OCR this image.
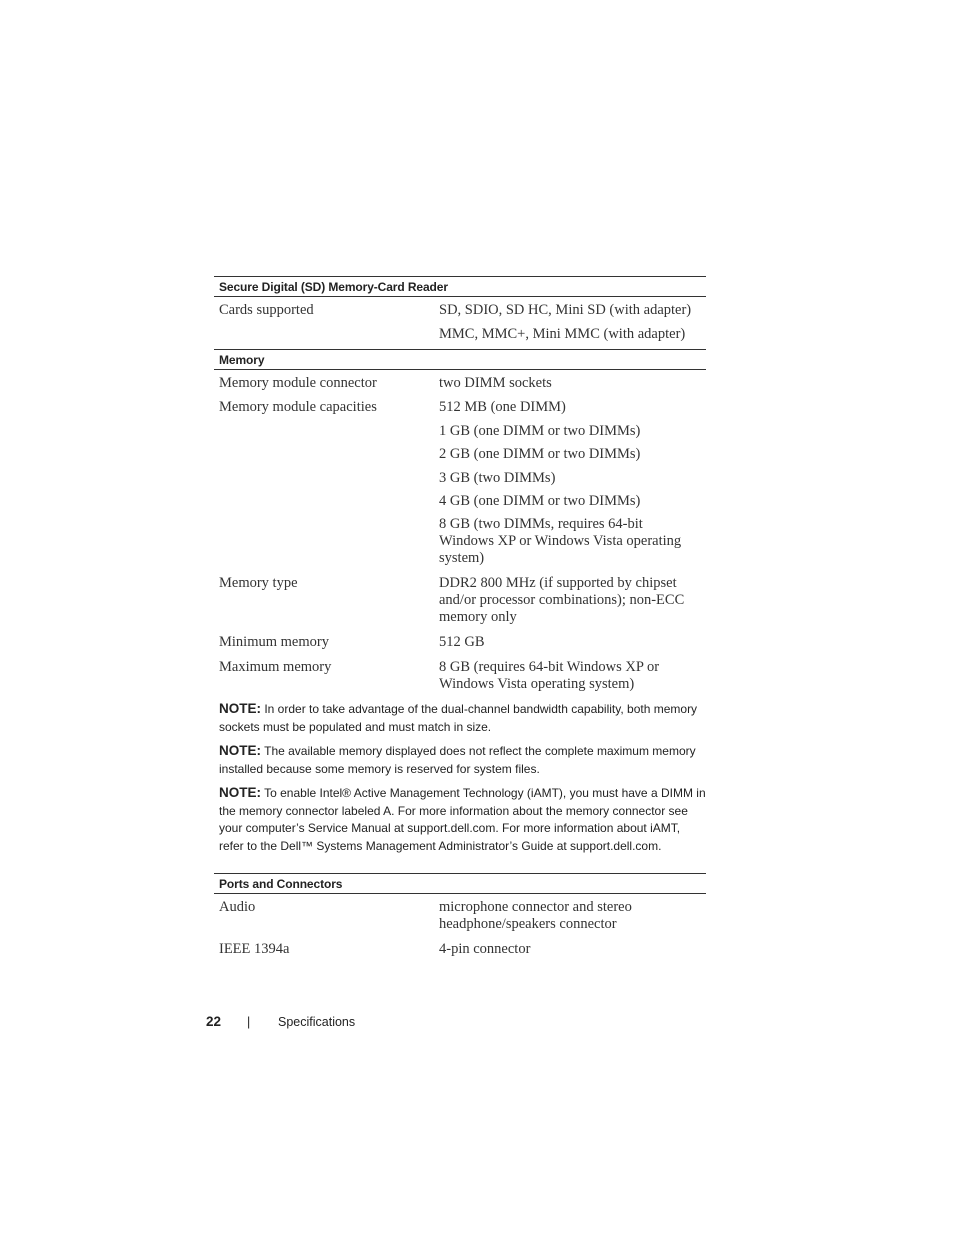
Secure Digital (SD) Memory-Card Reader
Cards supported	SD, SDIO, SD HC, Mini SD (with adapter)
MMC, MMC+, Mini MMC (with adapter)
Memory
Memory module connector	two DIMM sockets
Memory module capacities	512 MB (one DIMM)
1 GB (one DIMM or two DIMMs)
2 GB (one DIMM or two DIMMs)
3 GB (two DIMMs)
4 GB (one DIMM or two DIMMs)
8 GB (two DIMMs, requires 64-bit Windows XP or Windows Vista operating system)
Memory type	DDR2 800 MHz (if supported by chipset and/or processor combinations); non-ECC memory only
Minimum memory	512 GB
Maximum memory	8 GB (requires 64-bit Windows XP or Windows Vista operating system)
NOTE: In order to take advantage of the dual-channel bandwidth capability, both memory sockets must be populated and must match in size.
NOTE: The available memory displayed does not reflect the complete maximum memory installed because some memory is reserved for system files.
NOTE: To enable Intel® Active Management Technology (iAMT), you must have a DIMM in the memory connector labeled A. For more information about the memory connector see your computer’s Service Manual at support.dell.com. For more information about iAMT, refer to the Dell™ Systems Management Administrator’s Guide at support.dell.com.
Ports and Connectors
Audio	microphone connector and stereo headphone/speakers connector
IEEE 1394a	4-pin connector
22 | Specifications
